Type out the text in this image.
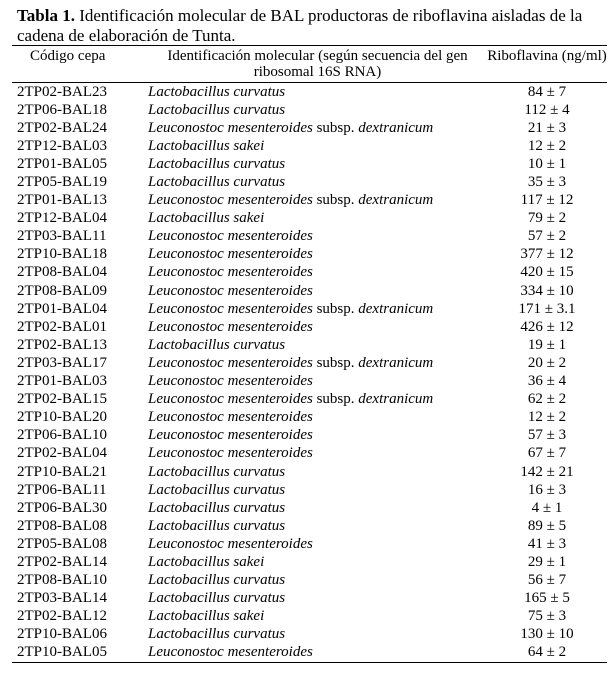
Tabla 1. Identificación molecular de BAL productoras de riboflavina aisladas de la cadena de elaboración de Tunta.
Código cepa	Identificación molecular (según secuencia del gen ribosomal 16S RNA)	Riboflavina (ng/ml)
2TP02-BAL23	Lactobacillus curvatus	84 ± 7
2TP06-BAL18	Lactobacillus curvatus	112 ± 4
2TP02-BAL24	Leuconostoc mesenteroides subsp. dextranicum	21 ± 3
2TP12-BAL03	Lactobacillus sakei	12 ± 2
2TP01-BAL05	Lactobacillus curvatus	10 ± 1
2TP05-BAL19	Lactobacillus curvatus	35 ± 3
2TP01-BAL13	Leuconostoc mesenteroides subsp. dextranicum	117 ± 12
2TP12-BAL04	Lactobacillus sakei	79 ± 2
2TP03-BAL11	Leuconostoc mesenteroides	57 ± 2
2TP10-BAL18	Leuconostoc mesenteroides	377 ± 12
2TP08-BAL04	Leuconostoc mesenteroides	420 ± 15
2TP08-BAL09	Leuconostoc mesenteroides	334 ± 10
2TP01-BAL04	Leuconostoc mesenteroides subsp. dextranicum	171 ± 3.1
2TP02-BAL01	Leuconostoc mesenteroides	426 ± 12
2TP02-BAL13	Lactobacillus curvatus	19 ± 1
2TP03-BAL17	Leuconostoc mesenteroides subsp. dextranicum	20 ± 2
2TP01-BAL03	Leuconostoc mesenteroides	36 ± 4
2TP02-BAL15	Leuconostoc mesenteroides subsp. dextranicum	62 ± 2
2TP10-BAL20	Leuconostoc mesenteroides	12 ± 2
2TP06-BAL10	Leuconostoc mesenteroides	57 ± 3
2TP02-BAL04	Leuconostoc mesenteroides	67 ± 7
2TP10-BAL21	Lactobacillus curvatus	142 ± 21
2TP06-BAL11	Lactobacillus curvatus	16 ± 3
2TP06-BAL30	Lactobacillus curvatus	4 ± 1
2TP08-BAL08	Lactobacillus curvatus	89 ± 5
2TP05-BAL08	Leuconostoc mesenteroides	41 ± 3
2TP02-BAL14	Lactobacillus sakei	29 ± 1
2TP08-BAL10	Lactobacillus curvatus	56 ± 7
2TP03-BAL14	Lactobacillus curvatus	165 ± 5
2TP02-BAL12	Lactobacillus sakei	75 ± 3
2TP10-BAL06	Lactobacillus curvatus	130 ± 10
2TP10-BAL05	Leuconostoc mesenteroides	64 ± 2
